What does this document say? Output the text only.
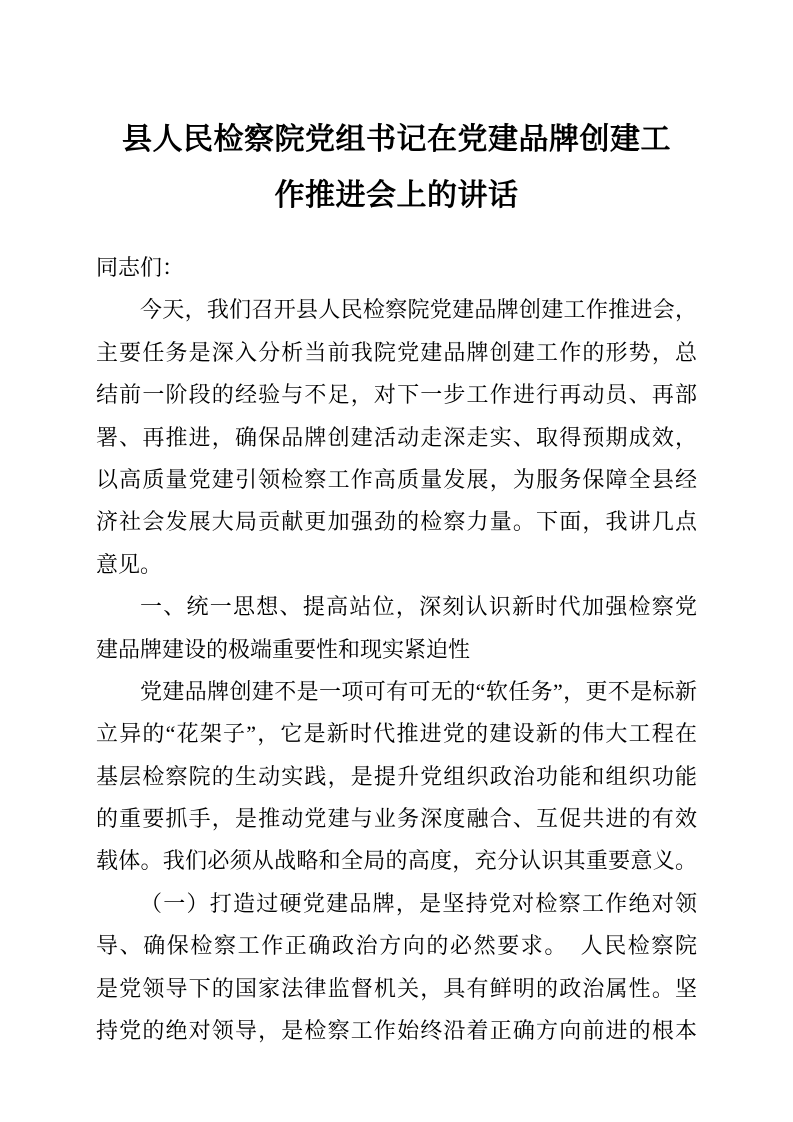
县人民检察院党组书记在党建品牌创建工
作推进会上的讲话
同志们：
今天，我们召开县人民检察院党建品牌创建工作推进会，
主要任务是深入分析当前我院党建品牌创建工作的形势，总
结前一阶段的经验与不足，对下一步工作进行再动员、再部
署、再推进，确保品牌创建活动走深走实、取得预期成效，
以高质量党建引领检察工作高质量发展，为服务保障全县经
济社会发展大局贡献更加强劲的检察力量。下面，我讲几点
意见。
一、统一思想、提高站位，深刻认识新时代加强检察党
建品牌建设的极端重要性和现实紧迫性
党建品牌创建不是一项可有可无的“软任务”，更不是标新
立异的“花架子”，它是新时代推进党的建设新的伟大工程在
基层检察院的生动实践，是提升党组织政治功能和组织功能
的重要抓手，是推动党建与业务深度融合、互促共进的有效
载体。我们必须从战略和全局的高度，充分认识其重要意义。
（一）打造过硬党建品牌，是坚持党对检察工作绝对领
导、确保检察工作正确政治方向的必然要求。　人民检察院
是党领导下的国家法律监督机关，具有鲜明的政治属性。坚
持党的绝对领导，是检察工作始终沿着正确方向前进的根本
